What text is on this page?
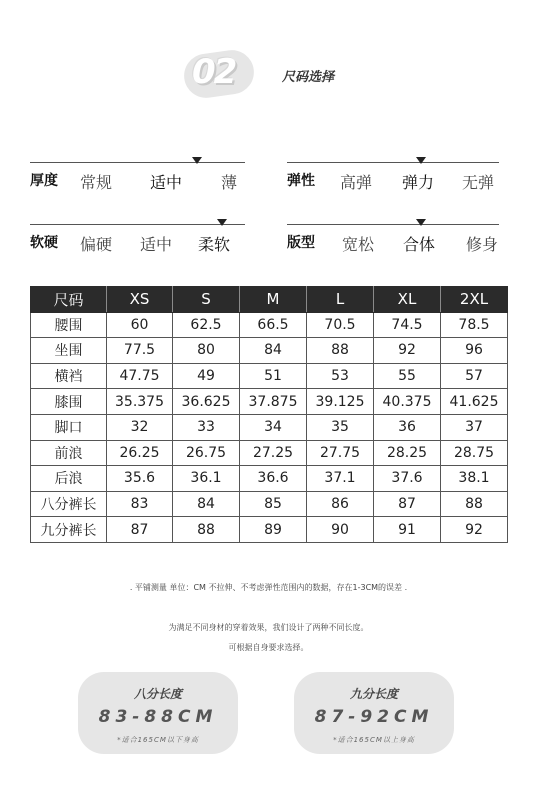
02	尺码选择
厚度 常规 适中 薄	弹性 高弹 弹力 无弹
软硬 偏硬 适中 柔软	版型 宽松 合体 修身
尺码	XS	S	M	L	XL	2XL
腰围	60	62.5	66.5	70.5	74.5	78.5
坐围	77.5	80	84	88	92	96
横裆	47.75	49	51	53	55	57
膝围	35.375	36.625	37.875	39.125	40.375	41.625
脚口	32	33	34	35	36	37
前浪	26.25	26.75	27.25	27.75	28.25	28.75
后浪	35.6	36.1	36.6	37.1	37.6	38.1
八分裤长	83	84	85	86	87	88
九分裤长	87	88	89	90	91	92
. 平铺测量 单位：CM 不拉伸、不考虑弹性范围内的数据，存在1-3CM的误差 .
为满足不同身材的穿着效果，我们设计了两种不同长度。
可根据自身要求选择。
八分长度
83-88CM
*适合165CM以下身高
九分长度
87-92CM
*适合165CM以上身高
